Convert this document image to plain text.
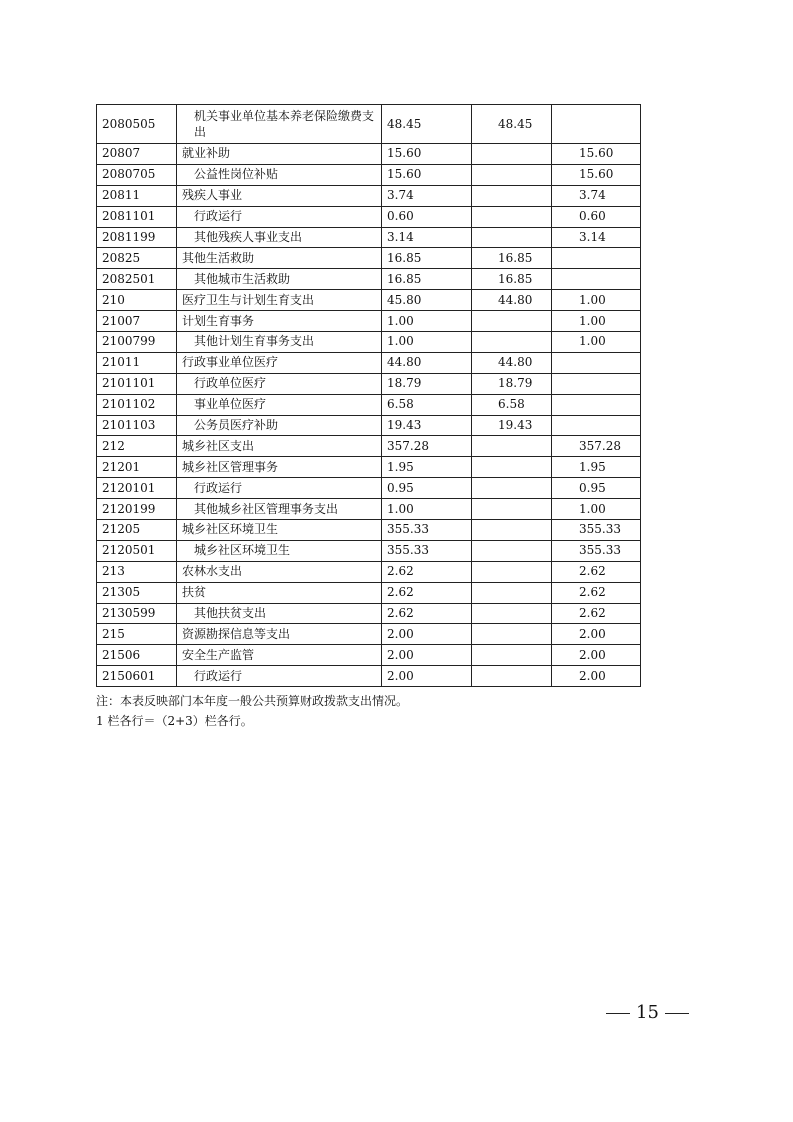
2080505	机关事业单位基本养老保险缴费支出	48.45	48.45	
20807	就业补助	15.60		15.60
2080705	公益性岗位补贴	15.60		15.60
20811	残疾人事业	3.74		3.74
2081101	行政运行	0.60		0.60
2081199	其他残疾人事业支出	3.14		3.14
20825	其他生活救助	16.85	16.85	
2082501	其他城市生活救助	16.85	16.85	
210	医疗卫生与计划生育支出	45.80	44.80	1.00
21007	计划生育事务	1.00		1.00
2100799	其他计划生育事务支出	1.00		1.00
21011	行政事业单位医疗	44.80	44.80	
2101101	行政单位医疗	18.79	18.79	
2101102	事业单位医疗	6.58	6.58	
2101103	公务员医疗补助	19.43	19.43	
212	城乡社区支出	357.28		357.28
21201	城乡社区管理事务	1.95		1.95
2120101	行政运行	0.95		0.95
2120199	其他城乡社区管理事务支出	1.00		1.00
21205	城乡社区环境卫生	355.33		355.33
2120501	城乡社区环境卫生	355.33		355.33
213	农林水支出	2.62		2.62
21305	扶贫	2.62		2.62
2130599	其他扶贫支出	2.62		2.62
215	资源勘探信息等支出	2.00		2.00
21506	安全生产监管	2.00		2.00
2150601	行政运行	2.00		2.00
注：本表反映部门本年度一般公共预算财政拨款支出情况。
1 栏各行＝（2+3）栏各行。
15
